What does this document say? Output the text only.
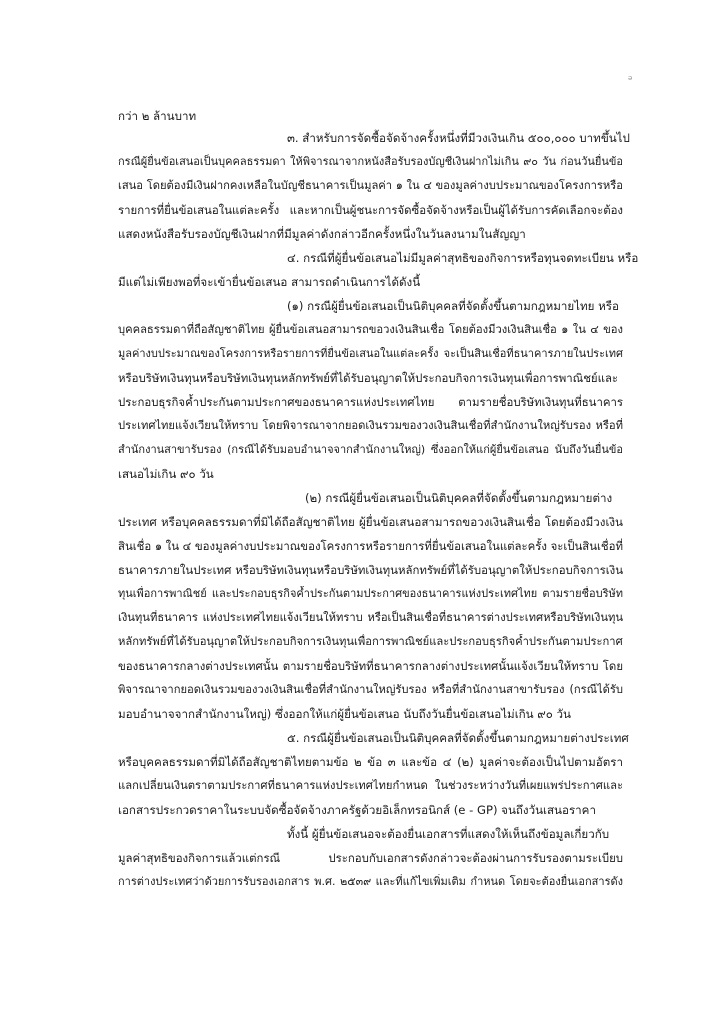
ə
กว่า ๒ ล้านบาท
๓. สำหรับการจัดซื้อจัดจ้างครั้งหนึ่งที่มีวงเงินเกิน ๕๐๐,๐๐๐ บาทขึ้นไป
กรณีผู้ยื่นข้อเสนอเป็นบุคคลธรรมดา ให้พิจารณาจากหนังสือรับรองบัญชีเงินฝากไม่เกิน ๙๐ วัน ก่อนวันยื่นข้อ
เสนอ โดยต้องมีเงินฝากคงเหลือในบัญชีธนาคารเป็นมูลค่า ๑ ใน ๔ ของมูลค่างบประมาณของโครงการหรือ
รายการที่ยื่นข้อเสนอในแต่ละครั้ง และหากเป็นผู้ชนะการจัดซื้อจัดจ้างหรือเป็นผู้ได้รับการคัดเลือกจะต้อง
แสดงหนังสือรับรองบัญชีเงินฝากที่มีมูลค่าดังกล่าวอีกครั้งหนึ่งในวันลงนามในสัญญา
๔. กรณีที่ผู้ยื่นข้อเสนอไม่มีมูลค่าสุทธิของกิจการหรือทุนจดทะเบียน หรือ
มีแต่ไม่เพียงพอที่จะเข้ายื่นข้อเสนอ สามารถดำเนินการได้ดังนี้
(๑) กรณีผู้ยื่นข้อเสนอเป็นนิติบุคคลที่จัดตั้งขึ้นตามกฎหมายไทย หรือ
บุคคลธรรมดาที่ถือสัญชาติไทย ผู้ยื่นข้อเสนอสามารถขอวงเงินสินเชื่อ โดยต้องมีวงเงินสินเชื่อ ๑ ใน ๔ ของ
มูลค่างบประมาณของโครงการหรือรายการที่ยื่นข้อเสนอในแต่ละครั้ง จะเป็นสินเชื่อที่ธนาคารภายในประเทศ
หรือบริษัทเงินทุนหรือบริษัทเงินทุนหลักทรัพย์ที่ได้รับอนุญาตให้ประกอบกิจการเงินทุนเพื่อการพาณิชย์และ
ประกอบธุรกิจค้ำประกันตามประกาศของธนาคารแห่งประเทศไทย ตามรายชื่อบริษัทเงินทุนที่ธนาคาร
ประเทศไทยแจ้งเวียนให้ทราบ โดยพิจารณาจากยอดเงินรวมของวงเงินสินเชื่อที่สำนักงานใหญ่รับรอง หรือที่
สำนักงานสาขารับรอง (กรณีได้รับมอบอำนาจจากสำนักงานใหญ่) ซึ่งออกให้แก่ผู้ยื่นข้อเสนอ นับถึงวันยื่นข้อ
เสนอไม่เกิน ๙๐ วัน
(๒) กรณีผู้ยื่นข้อเสนอเป็นนิติบุคคลที่จัดตั้งขึ้นตามกฎหมายต่าง
ประเทศ หรือบุคคลธรรมดาที่มิได้ถือสัญชาติไทย ผู้ยื่นข้อเสนอสามารถขอวงเงินสินเชื่อ โดยต้องมีวงเงิน
สินเชื่อ ๑ ใน ๔ ของมูลค่างบประมาณของโครงการหรือรายการที่ยื่นข้อเสนอในแต่ละครั้ง จะเป็นสินเชื่อที่
ธนาคารภายในประเทศ หรือบริษัทเงินทุนหรือบริษัทเงินทุนหลักทรัพย์ที่ได้รับอนุญาตให้ประกอบกิจการเงิน
ทุนเพื่อการพาณิชย์ และประกอบธุรกิจค้ำประกันตามประกาศของธนาคารแห่งประเทศไทย ตามรายชื่อบริษัท
เงินทุนที่ธนาคาร แห่งประเทศไทยแจ้งเวียนให้ทราบ หรือเป็นสินเชื่อที่ธนาคารต่างประเทศหรือบริษัทเงินทุน
หลักทรัพย์ที่ได้รับอนุญาตให้ประกอบกิจการเงินทุนเพื่อการพาณิชย์และประกอบธุรกิจค้ำประกันตามประกาศ
ของธนาคารกลางต่างประเทศนั้น ตามรายชื่อบริษัทที่ธนาคารกลางต่างประเทศนั้นแจ้งเวียนให้ทราบ โดย
พิจารณาจากยอดเงินรวมของวงเงินสินเชื่อที่สำนักงานใหญ่รับรอง หรือที่สำนักงานสาขารับรอง (กรณีได้รับ
มอบอำนาจจากสำนักงานใหญ่) ซึ่งออกให้แก่ผู้ยื่นข้อเสนอ นับถึงวันยื่นข้อเสนอไม่เกิน ๙๐ วัน
๕. กรณีผู้ยื่นข้อเสนอเป็นนิติบุคคลที่จัดตั้งขึ้นตามกฎหมายต่างประเทศ
หรือบุคคลธรรมดาที่มิได้ถือสัญชาติไทยตามข้อ ๒ ข้อ ๓ และข้อ ๔ (๒) มูลค่าจะต้องเป็นไปตามอัตรา
แลกเปลี่ยนเงินตราตามประกาศที่ธนาคารแห่งประเทศไทยกำหนด ในช่วงระหว่างวันที่เผยแพร่ประกาศและ
เอกสารประกวดราคาในระบบจัดซื้อจัดจ้างภาครัฐด้วยอิเล็กทรอนิกส์ (e - GP) จนถึงวันเสนอราคา
ทั้งนี้ ผู้ยื่นข้อเสนอจะต้องยื่นเอกสารที่แสดงให้เห็นถึงข้อมูลเกี่ยวกับ
มูลค่าสุทธิของกิจการแล้วแต่กรณี ประกอบกับเอกสารดังกล่าวจะต้องผ่านการรับรองตามระเบียบ
การต่างประเทศว่าด้วยการรับรองเอกสาร พ.ศ. ๒๕๓๙ และที่แก้ไขเพิ่มเติม กำหนด โดยจะต้องยื่นเอกสารดัง
